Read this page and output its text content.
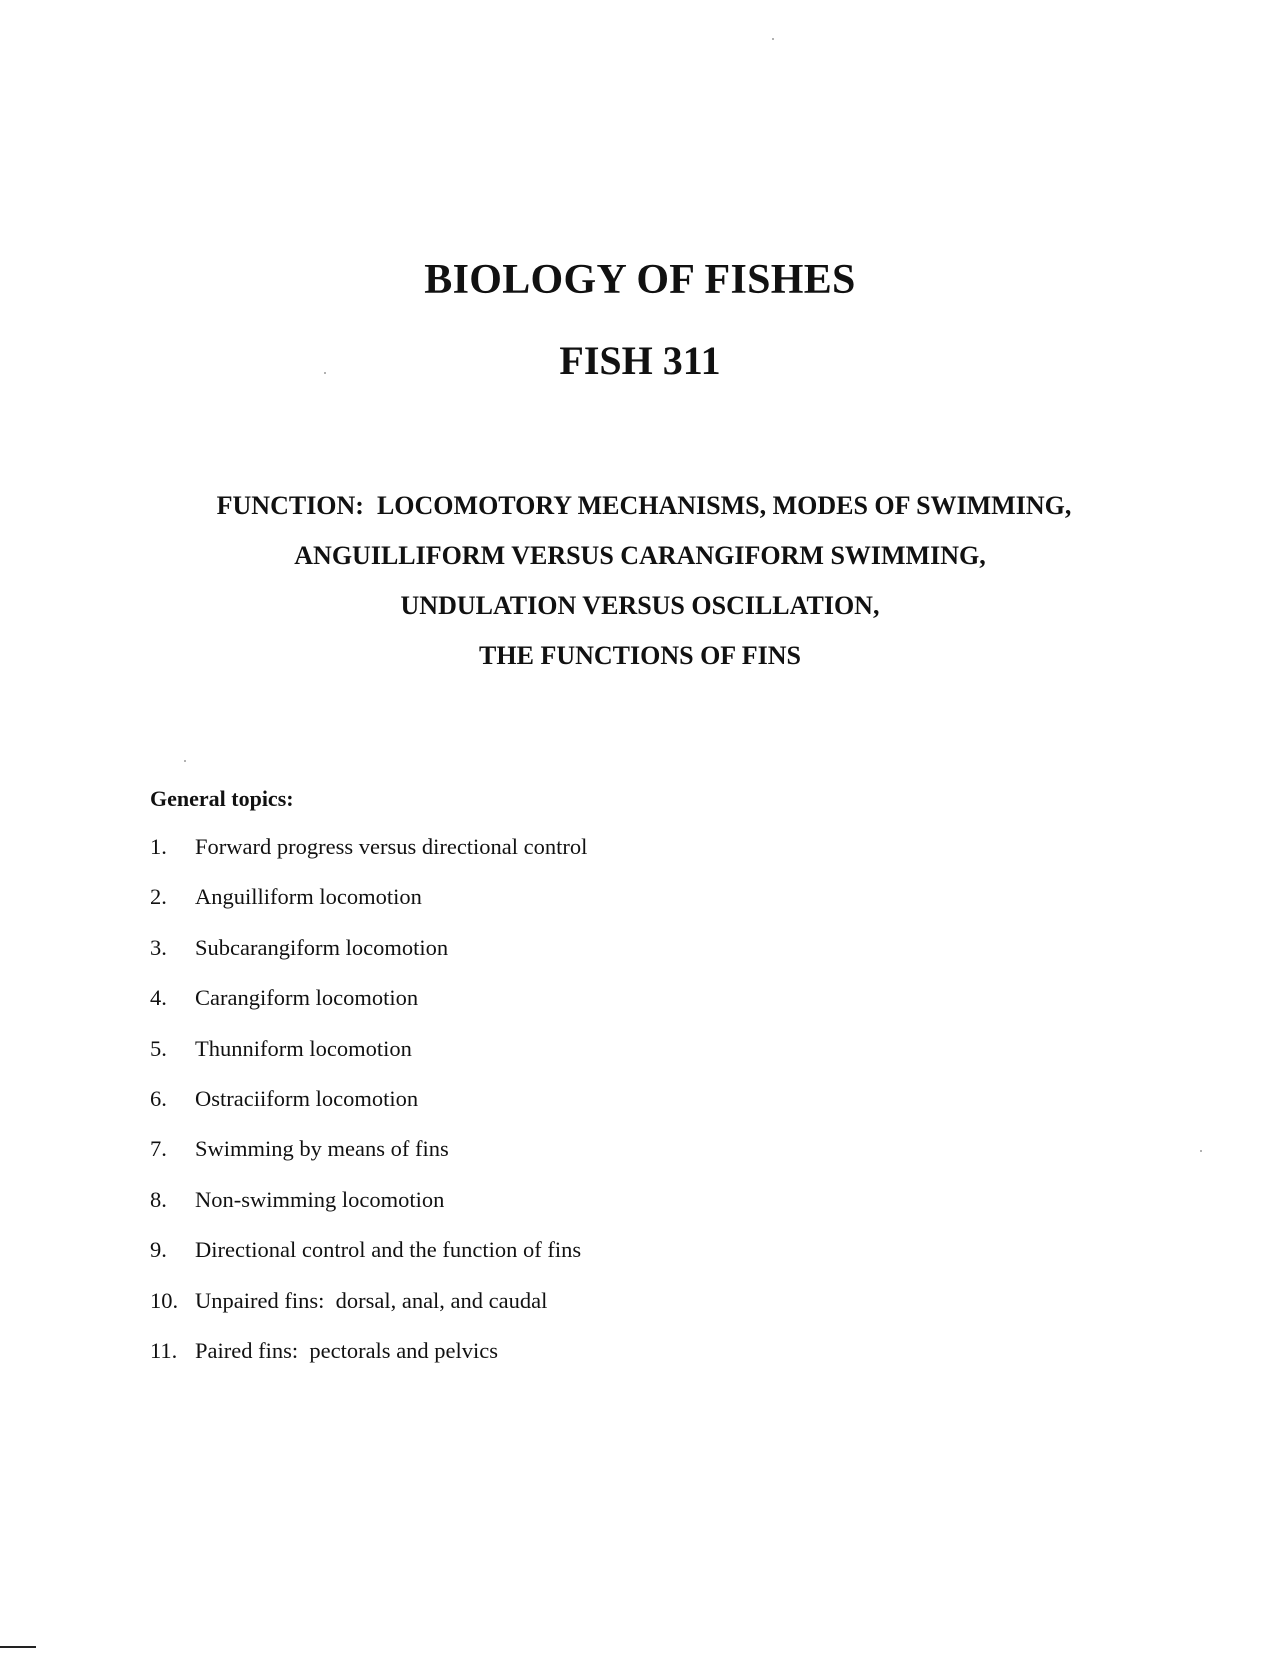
BIOLOGY OF FISHES
FISH 311
FUNCTION:  LOCOMOTORY MECHANISMS, MODES OF SWIMMING,
ANGUILLIFORM VERSUS CARANGIFORM SWIMMING,
UNDULATION VERSUS OSCILLATION,
THE FUNCTIONS OF FINS
General topics:
1. Forward progress versus directional control
2. Anguilliform locomotion
3. Subcarangiform locomotion
4. Carangiform locomotion
5. Thunniform locomotion
6. Ostraciiform locomotion
7. Swimming by means of fins
8. Non-swimming locomotion
9. Directional control and the function of fins
10. Unpaired fins:  dorsal, anal, and caudal
11. Paired fins:  pectorals and pelvics
